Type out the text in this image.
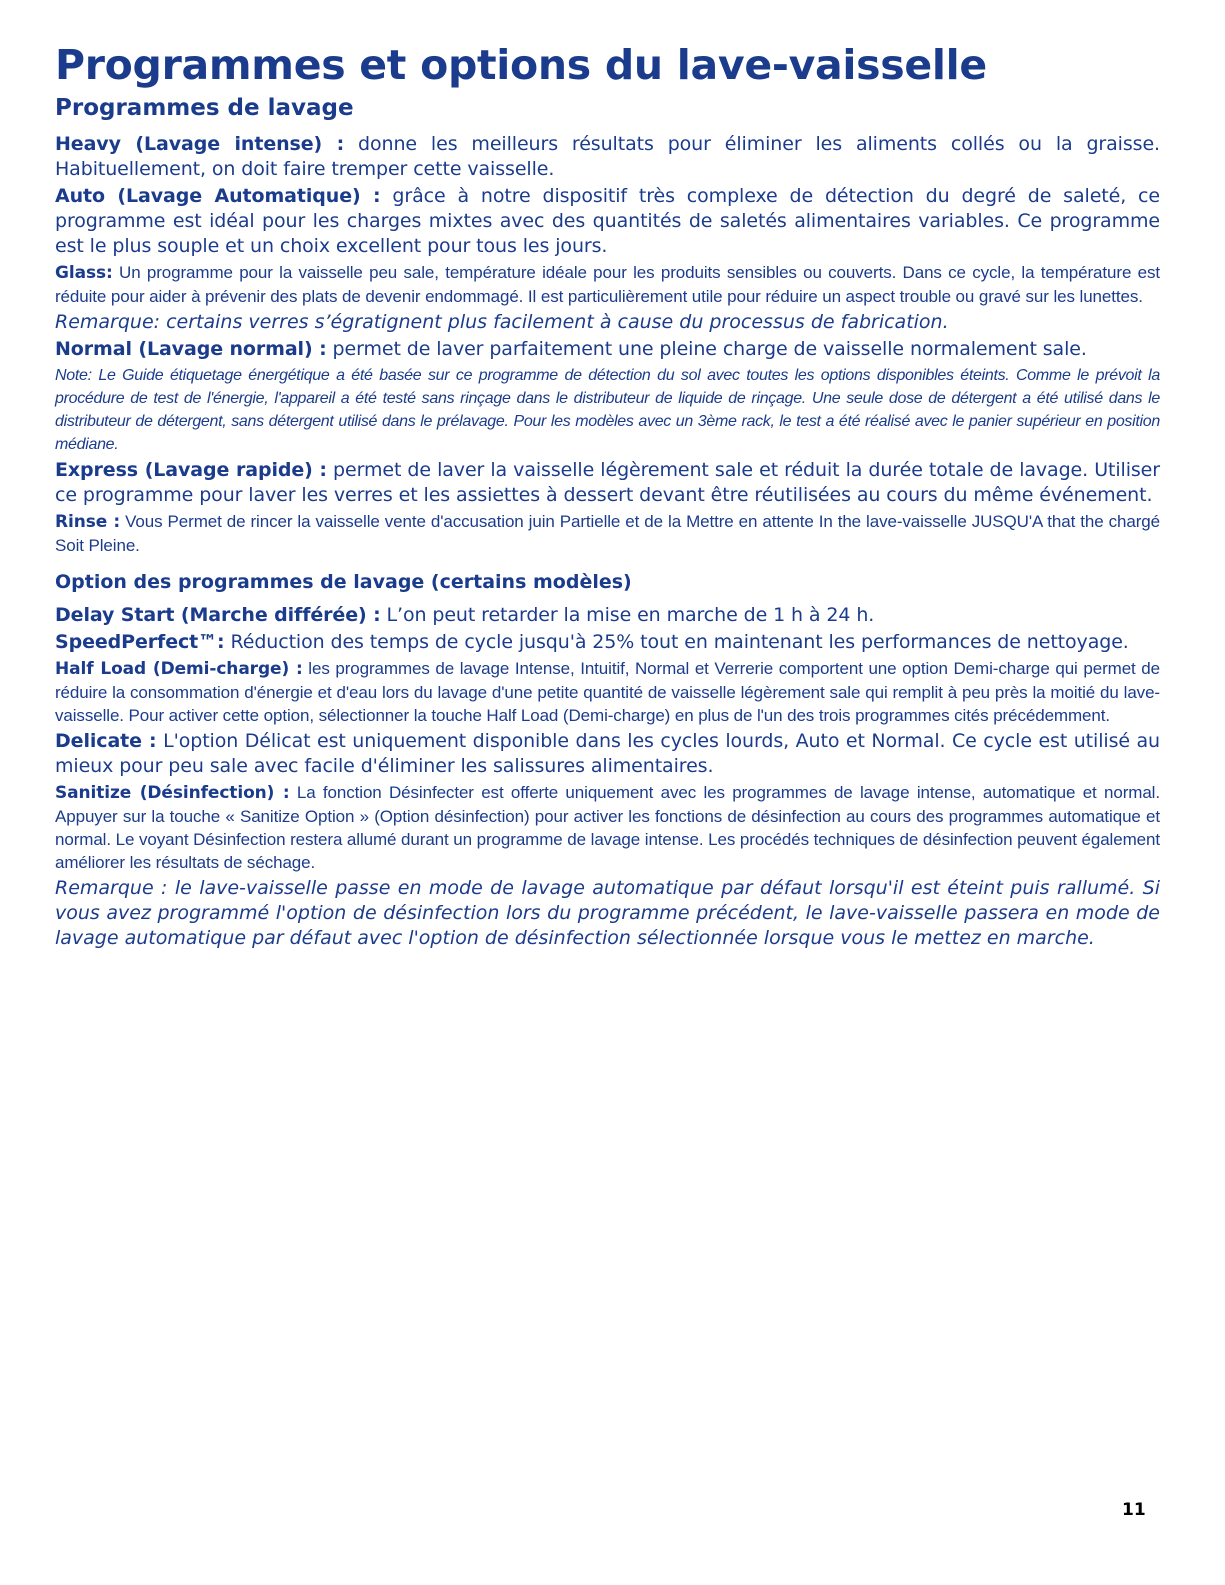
Programmes et options du lave-vaisselle
Programmes de lavage

Heavy (Lavage intense) : donne les meilleurs résultats pour éliminer les aliments collés ou la graisse. Habituellement, on doit faire tremper cette vaisselle.

Auto (Lavage Automatique) : grâce à notre dispositif très complexe de détection du degré de saleté, ce programme est idéal pour les charges mixtes avec des quantités de saletés alimentaires variables. Ce programme est le plus souple et un choix excellent pour tous les jours.

Glass: Un programme pour la vaisselle peu sale, température idéale pour les produits sensibles ou couverts. Dans ce cycle, la température est réduite pour aider à prévenir des plats de devenir endommagé. Il est particulièrement utile pour réduire un aspect trouble ou gravé sur les lunettes.

Remarque: certains verres s’égratignent plus facilement à cause du processus de fabrication.

Normal (Lavage normal) : permet de laver parfaitement une pleine charge de vaisselle normalement sale.

Note: Le Guide étiquetage énergétique a été basée sur ce programme de détection du sol avec toutes les options disponibles éteints. Comme le prévoit la procédure de test de l'énergie, l'appareil a été testé sans rinçage dans le distributeur de liquide de rinçage. Une seule dose de détergent a été utilisé dans le distributeur de détergent, sans détergent utilisé dans le prélavage. Pour les modèles avec un 3ème rack, le test a été réalisé avec le panier supérieur en position médiane.

Express (Lavage rapide) : permet de laver la vaisselle légèrement sale et réduit la durée totale de lavage. Utiliser ce programme pour laver les verres et les assiettes à dessert devant être réutilisées au cours du même événement.

Rinse : Vous Permet de rincer la vaisselle vente d'accusation juin Partielle et de la Mettre en attente In the lave-vaisselle JUSQU'A that the chargé Soit Pleine.

Option des programmes de lavage (certains modèles)

Delay Start (Marche différée) : L’on peut retarder la mise en marche de 1 h à 24 h.

SpeedPerfect™: Réduction des temps de cycle jusqu'à 25% tout en maintenant les performances de nettoyage.

Half Load (Demi-charge) : les programmes de lavage Intense, Intuitif, Normal et Verrerie comportent une option Demi-charge qui permet de réduire la consommation d'énergie et d'eau lors du lavage d'une petite quantité de vaisselle légèrement sale qui remplit à peu près la moitié du lave-vaisselle. Pour activer cette option, sélectionner la touche Half Load (Demi-charge) en plus de l'un des trois programmes cités précédemment.

Delicate : L'option Délicat est uniquement disponible dans les cycles lourds, Auto et Normal. Ce cycle est utilisé au mieux pour peu sale avec facile d'éliminer les salissures alimentaires.

Sanitize (Désinfection) : La fonction Désinfecter est offerte uniquement avec les programmes de lavage intense, automatique et normal. Appuyer sur la touche « Sanitize Option » (Option désinfection) pour activer les fonctions de désinfection au cours des programmes automatique et normal. Le voyant Désinfection restera allumé durant un programme de lavage intense. Les procédés techniques de désinfection peuvent également améliorer les résultats de séchage.

Remarque : le lave-vaisselle passe en mode de lavage automatique par défaut lorsqu'il est éteint puis rallumé. Si vous avez programmé l'option de désinfection lors du programme précédent, le lave-vaisselle passera en mode de lavage automatique par défaut avec l'option de désinfection sélectionnée lorsque vous le mettez en marche.

11
